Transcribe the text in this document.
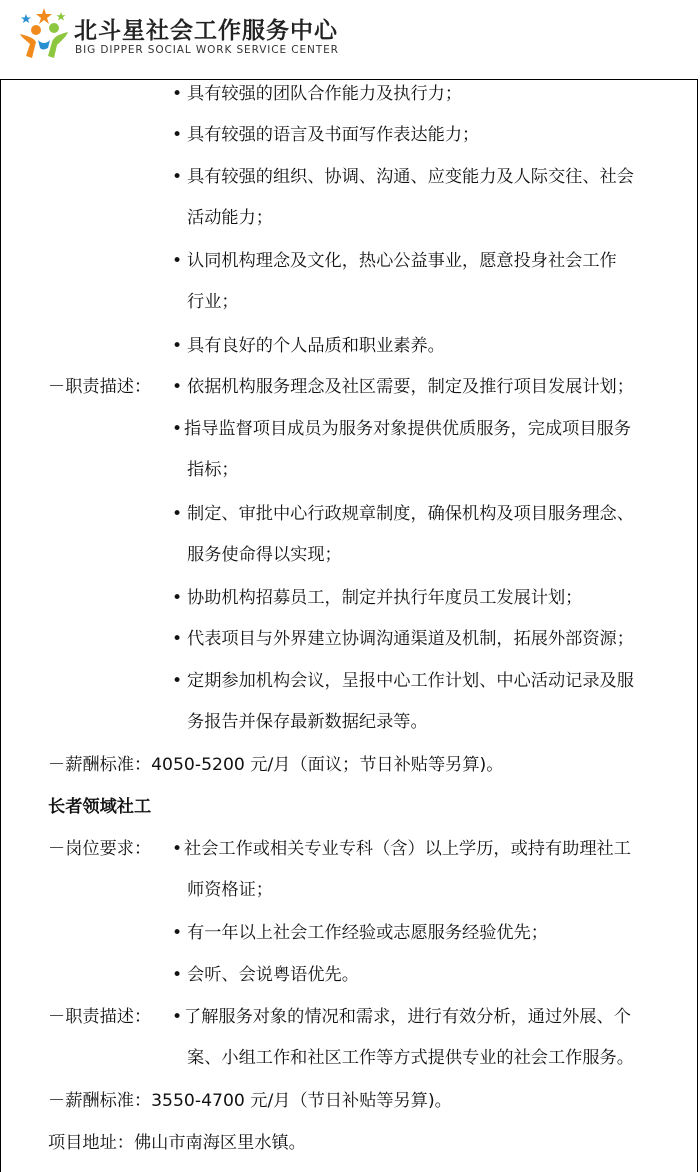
北斗星社会工作服务中心
BIG DIPPER SOCIAL WORK SERVICE CENTER
• 具有较强的团队合作能力及执行力；
• 具有较强的语言及书面写作表达能力；
• 具有较强的组织、协调、沟通、应变能力及人际交往、社会
活动能力；
• 认同机构理念及文化，热心公益事业，愿意投身社会工作
行业；
• 具有良好的个人品质和职业素养。
－职责描述： • 依据机构服务理念及社区需要，制定及推行项目发展计划；
• 指导监督项目成员为服务对象提供优质服务，完成项目服务
指标；
• 制定、审批中心行政规章制度，确保机构及项目服务理念、
服务使命得以实现；
• 协助机构招募员工，制定并执行年度员工发展计划；
• 代表项目与外界建立协调沟通渠道及机制，拓展外部资源；
• 定期参加机构会议，呈报中心工作计划、中心活动记录及服
务报告并保存最新数据纪录等。
－薪酬标准：4050-5200 元/月（面议；节日补贴等另算)。
长者领域社工
－岗位要求： • 社会工作或相关专业专科（含）以上学历，或持有助理社工
师资格证；
• 有一年以上社会工作经验或志愿服务经验优先；
• 会听、会说粤语优先。
－职责描述： • 了解服务对象的情况和需求，进行有效分析，通过外展、个
案、小组工作和社区工作等方式提供专业的社会工作服务。
－薪酬标准：3550-4700 元/月（节日补贴等另算)。
项目地址：佛山市南海区里水镇。
